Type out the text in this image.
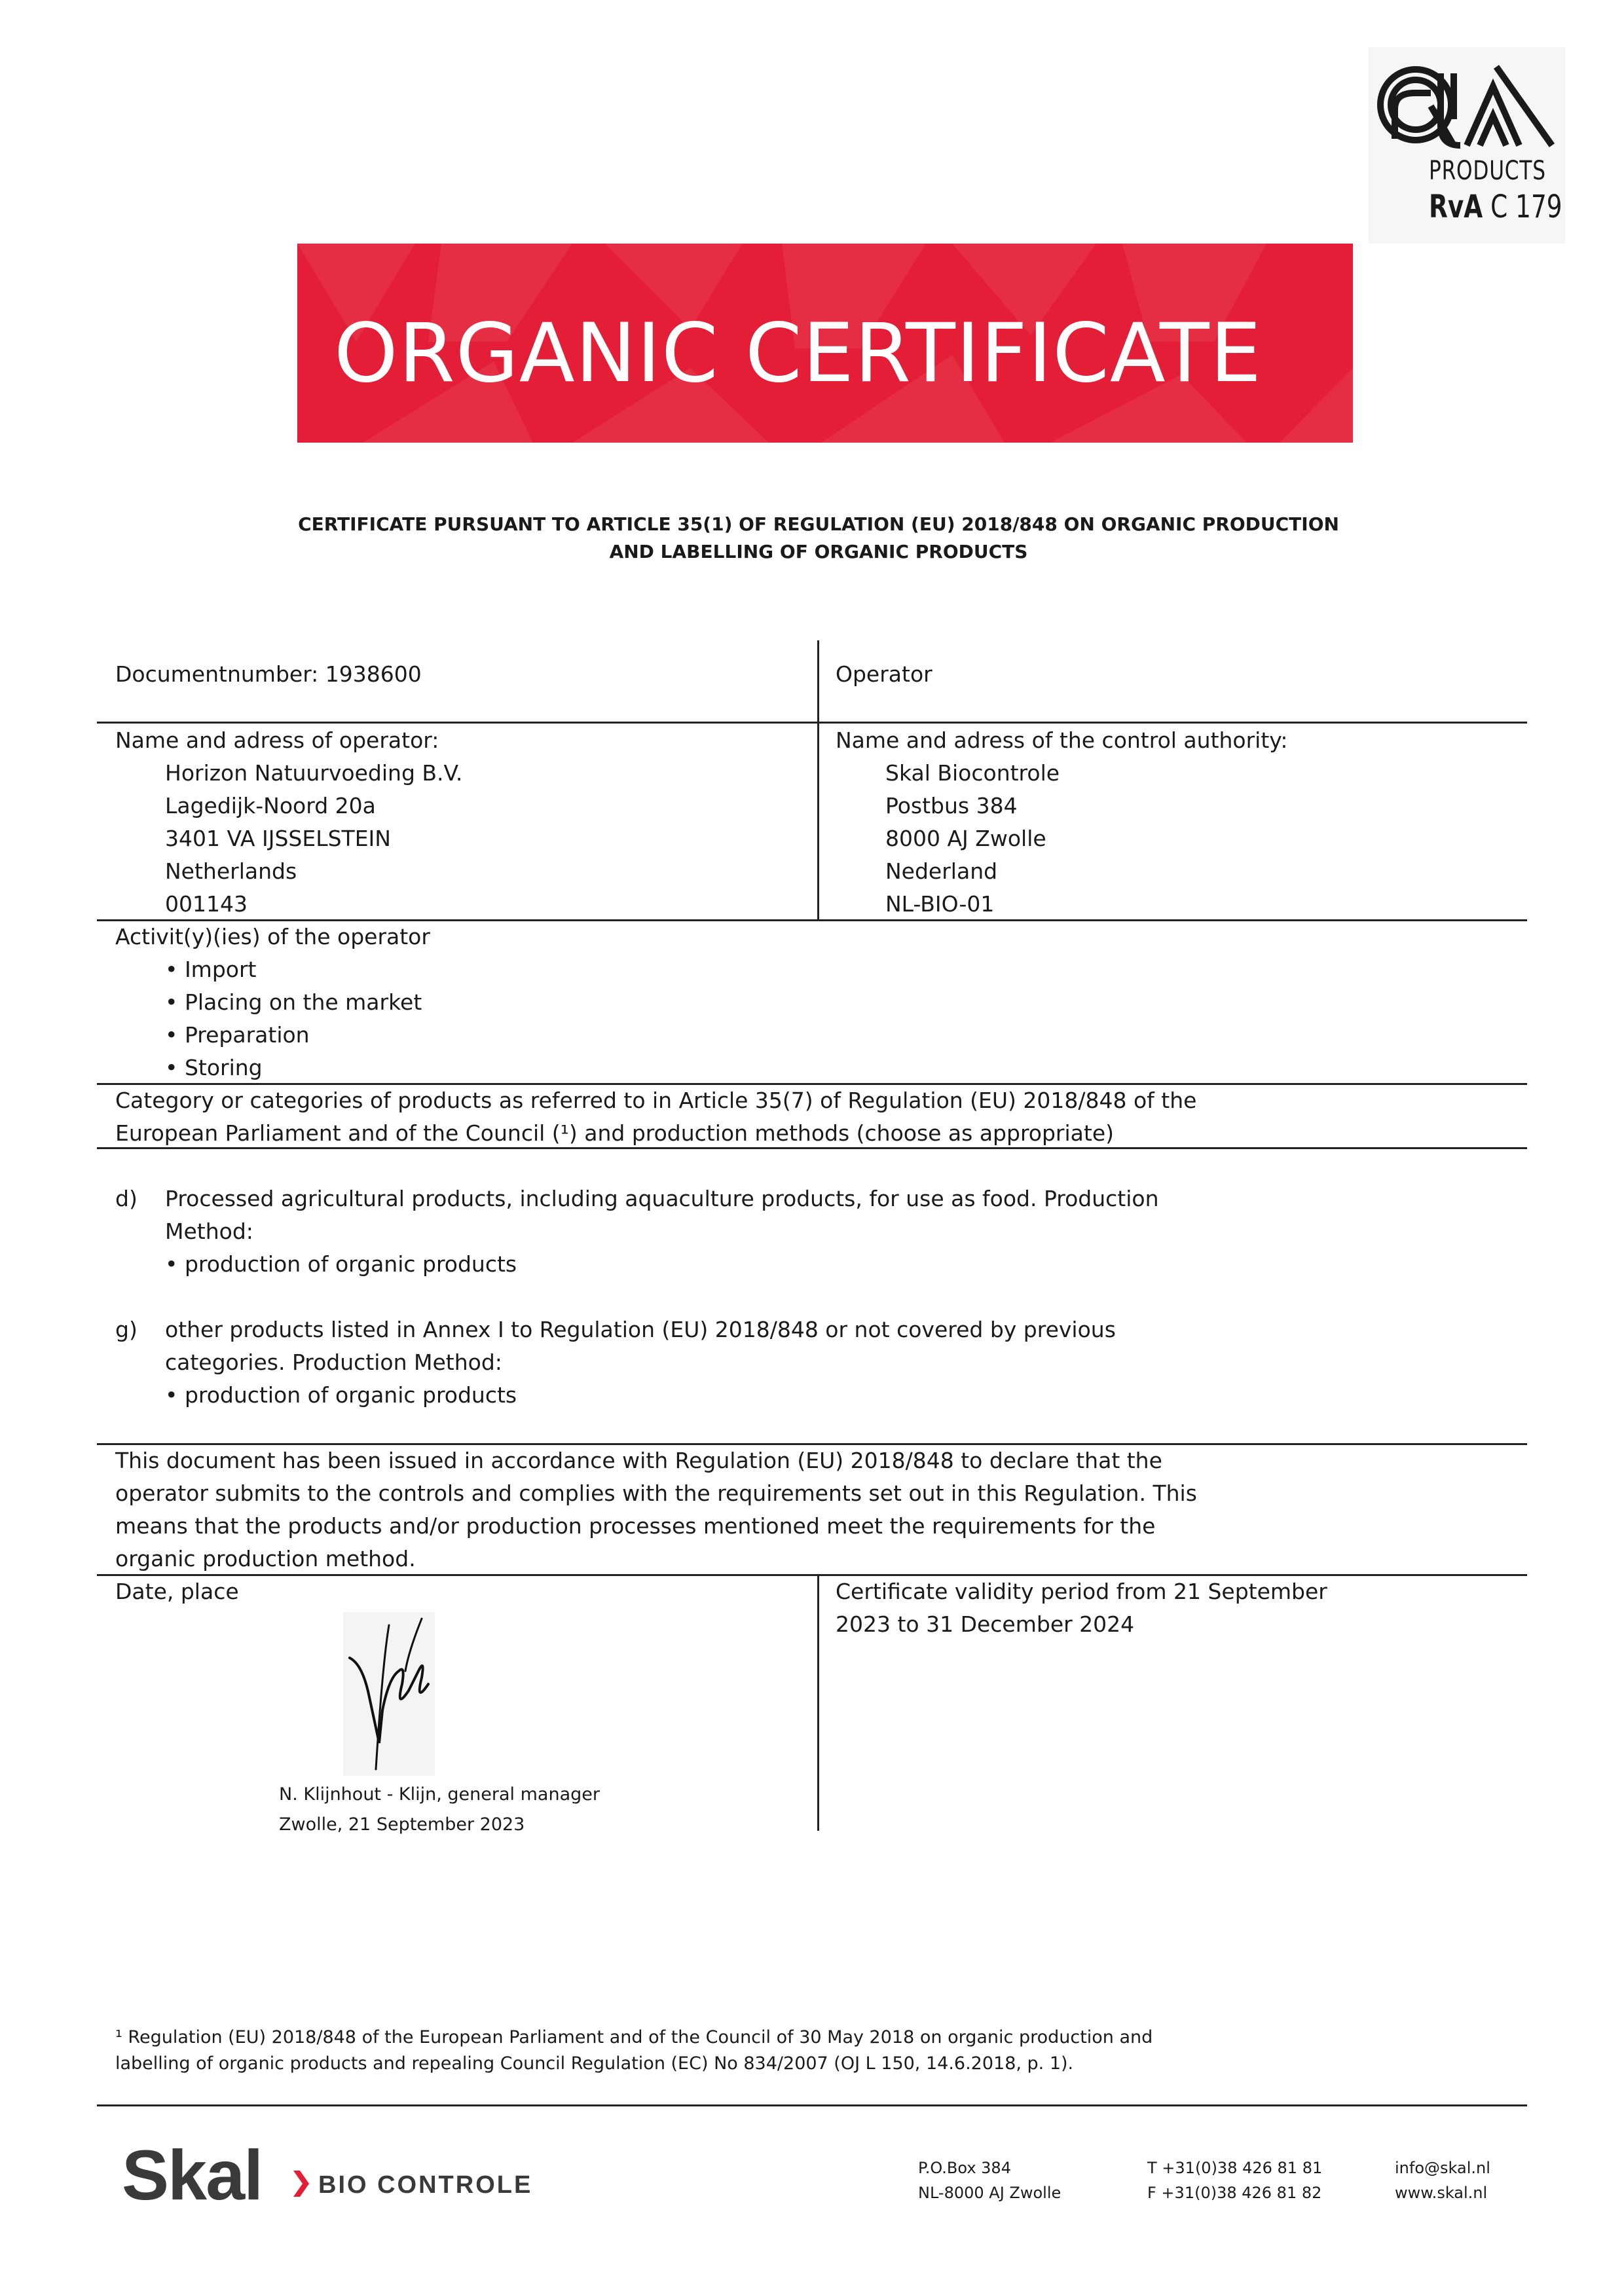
PRODUCTS
RvA C 179
ORGANIC CERTIFICATE
CERTIFICATE PURSUANT TO ARTICLE 35(1) OF REGULATION (EU) 2018/848 ON ORGANIC PRODUCTION
AND LABELLING OF ORGANIC PRODUCTS
Documentnumber: 1938600	Operator
Name and adress of operator:
Horizon Natuurvoeding B.V.
Lagedijk-Noord 20a
3401 VA IJSSELSTEIN
Netherlands
001143
Name and adress of the control authority:
Skal Biocontrole
Postbus 384
8000 AJ Zwolle
Nederland
NL-BIO-01
Activit(y)(ies) of the operator
• Import
• Placing on the market
• Preparation
• Storing
Category or categories of products as referred to in Article 35(7) of Regulation (EU) 2018/848 of the
European Parliament and of the Council (¹) and production methods (choose as appropriate)
d) Processed agricultural products, including aquaculture products, for use as food. Production
Method:
• production of organic products
g) other products listed in Annex I to Regulation (EU) 2018/848 or not covered by previous
categories. Production Method:
• production of organic products
This document has been issued in accordance with Regulation (EU) 2018/848 to declare that the
operator submits to the controls and complies with the requirements set out in this Regulation. This
means that the products and/or production processes mentioned meet the requirements for the
organic production method.
Date, place
N. Klijnhout - Klijn, general manager
Zwolle, 21 September 2023
Certificate validity period from 21 September
2023 to 31 December 2024
¹ Regulation (EU) 2018/848 of the European Parliament and of the Council of 30 May 2018 on organic production and
labelling of organic products and repealing Council Regulation (EC) No 834/2007 (OJ L 150, 14.6.2018, p. 1).
Skal BIO CONTROLE
P.O.Box 384
NL-8000 AJ Zwolle
T +31(0)38 426 81 81
F +31(0)38 426 81 82
info@skal.nl
www.skal.nl
